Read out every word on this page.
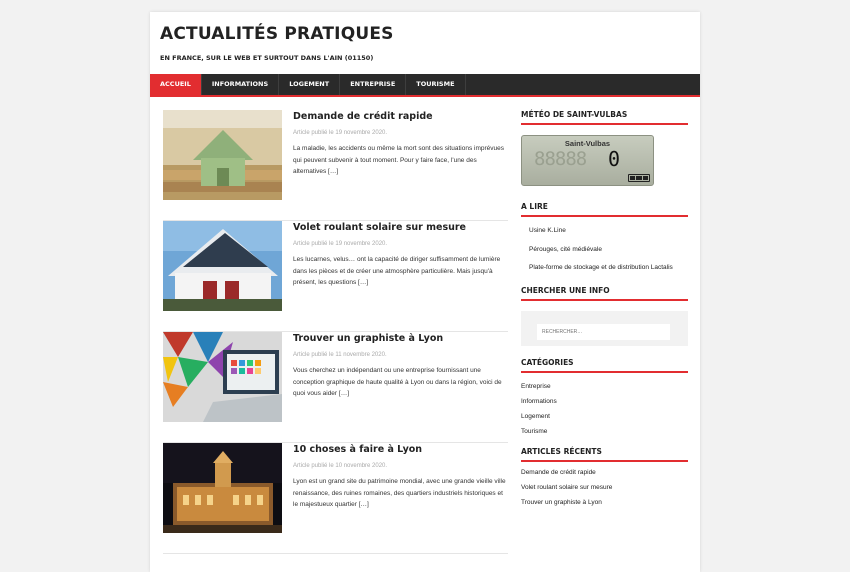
ACTUALITÉS PRATIQUES
EN FRANCE, SUR LE WEB ET SURTOUT DANS L'AIN (01150)
ACCUEIL	INFORMATIONS	LOGEMENT	ENTREPRISE	TOURISME
Demande de crédit rapide
Article publié le 19 novembre 2020.
La maladie, les accidents ou même la mort sont des situations imprévues qui peuvent subvenir à tout moment. Pour y faire face, l'une des alternatives […]
Volet roulant solaire sur mesure
Article publié le 19 novembre 2020.
Les lucarnes, velus… ont la capacité de diriger suffisamment de lumière dans les pièces et de créer une atmosphère particulière. Mais jusqu'à présent, les questions […]
Trouver un graphiste à Lyon
Article publié le 11 novembre 2020.
Vous cherchez un indépendant ou une entreprise fournissant une conception graphique de haute qualité à Lyon ou dans la région, voici de quoi vous aider […]
10 choses à faire à Lyon
Article publié le 10 novembre 2020.
Lyon est un grand site du patrimoine mondial, avec une grande vieille ville renaissance, des ruines romaines, des quartiers industriels historiques et le majestueux quartier […]
MÉTÉO DE SAINT-VULBAS
Saint-Vulbas
88888 0
A LIRE
Usine K.Line
Pérouges, cité médiévale
Plate-forme de stockage et de distribution Lactalis
CHERCHER UNE INFO
RECHERCHER…
CATÉGORIES
Entreprise
Informations
Logement
Tourisme
ARTICLES RÉCENTS
Demande de crédit rapide
Volet roulant solaire sur mesure
Trouver un graphiste à Lyon
